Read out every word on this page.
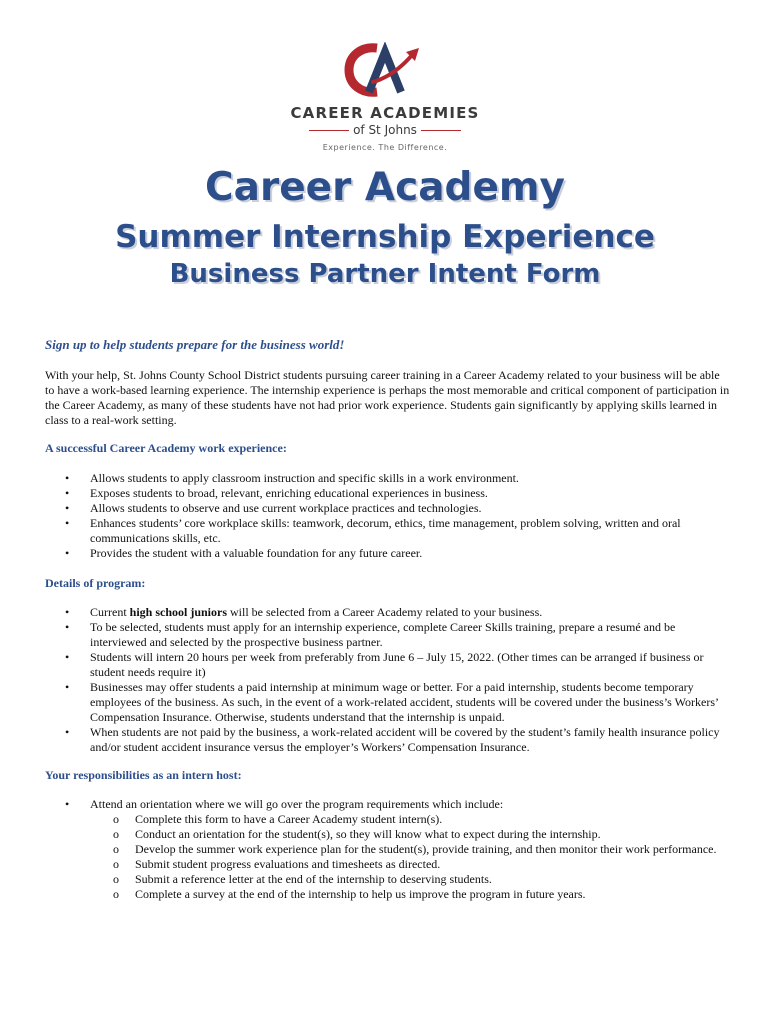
CAREER ACADEMIES
of St Johns
Experience. The Difference.
Career Academy
Summer Internship Experience
Business Partner Intent Form
Sign up to help students prepare for the business world!

With your help, St. Johns County School District students pursuing career training in a Career Academy related to your business will be able to have a work-based learning experience. The internship experience is perhaps the most memorable and critical component of participation in the Career Academy, as many of these students have not had prior work experience. Students gain significantly by applying skills learned in class to a real-work setting.

A successful Career Academy work experience:
• Allows students to apply classroom instruction and specific skills in a work environment.
• Exposes students to broad, relevant, enriching educational experiences in business.
• Allows students to observe and use current workplace practices and technologies.
• Enhances students’ core workplace skills: teamwork, decorum, ethics, time management, problem solving, written and oral communications skills, etc.
• Provides the student with a valuable foundation for any future career.
Details of program:
• Current high school juniors will be selected from a Career Academy related to your business.
• To be selected, students must apply for an internship experience, complete Career Skills training, prepare a resumé and be interviewed and selected by the prospective business partner.
• Students will intern 20 hours per week from preferably from June 6 – July 15, 2022. (Other times can be arranged if business or student needs require it)
• Businesses may offer students a paid internship at minimum wage or better. For a paid internship, students become temporary employees of the business. As such, in the event of a work-related accident, students will be covered under the business’s Workers’ Compensation Insurance. Otherwise, students understand that the internship is unpaid.
• When students are not paid by the business, a work-related accident will be covered by the student’s family health insurance policy and/or student accident insurance versus the employer’s Workers’ Compensation Insurance.
Your responsibilities as an intern host:
• Attend an orientation where we will go over the program requirements which include:
o Complete this form to have a Career Academy student intern(s).
o Conduct an orientation for the student(s), so they will know what to expect during the internship.
o Develop the summer work experience plan for the student(s), provide training, and then monitor their work performance.
o Submit student progress evaluations and timesheets as directed.
o Submit a reference letter at the end of the internship to deserving students.
o Complete a survey at the end of the internship to help us improve the program in future years.
